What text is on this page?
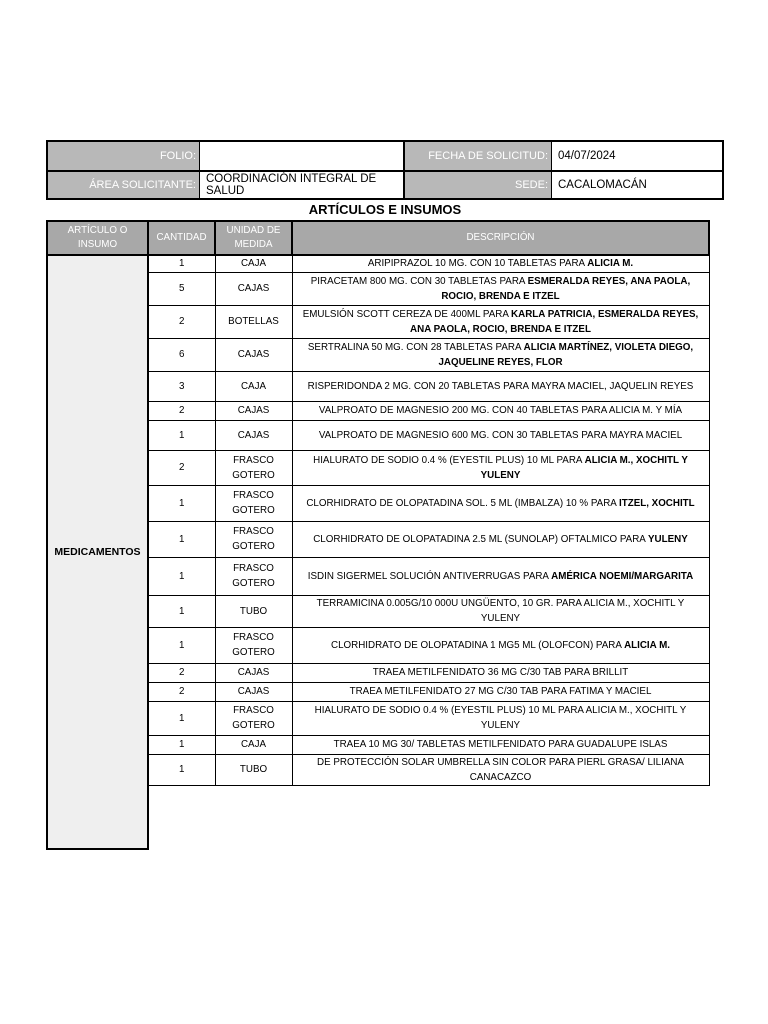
FOLIO:	FECHA DE SOLICITUD: 04/07/2024
ÁREA SOLICITANTE: COORDINACIÓN INTEGRAL DE SALUD	SEDE: CACALOMACÁN
ARTÍCULOS E INSUMOS
ARTÍCULO O INSUMO	CANTIDAD	UNIDAD DE MEDIDA	DESCRIPCIÓN
MEDICAMENTOS	1	CAJA	ARIPIPRAZOL 10 MG. CON 10 TABLETAS PARA ALICIA M.
	5	CAJAS	PIRACETAM 800 MG. CON 30 TABLETAS PARA ESMERALDA REYES, ANA PAOLA, ROCIO, BRENDA E ITZEL
	2	BOTELLAS	EMULSIÓN SCOTT CEREZA DE 400ML PARA KARLA PATRICIA, ESMERALDA REYES, ANA PAOLA, ROCIO, BRENDA E ITZEL
	6	CAJAS	SERTRALINA 50 MG. CON 28 TABLETAS PARA ALICIA MARTÍNEZ, VIOLETA DIEGO, JAQUELINE REYES, FLOR
	3	CAJA	RISPERIDONDA 2 MG. CON 20 TABLETAS PARA MAYRA MACIEL, JAQUELIN REYES
	2	CAJAS	VALPROATO DE MAGNESIO 200 MG. CON 40 TABLETAS PARA ALICIA M. Y MÍA
	1	CAJAS	VALPROATO DE MAGNESIO 600 MG. CON 30 TABLETAS PARA MAYRA MACIEL
	2	FRASCO GOTERO	HIALURATO DE SODIO 0.4 % (EYESTIL PLUS) 10 ML PARA ALICIA M., XOCHITL Y YULENY
	1	FRASCO GOTERO	CLORHIDRATO DE OLOPATADINA SOL. 5 ML (IMBALZA) 10 % PARA ITZEL, XOCHITL
	1	FRASCO GOTERO	CLORHIDRATO DE OLOPATADINA 2.5 ML (SUNOLAP) OFTALMICO PARA YULENY
	1	FRASCO GOTERO	ISDIN SIGERMEL SOLUCIÓN ANTIVERRUGAS PARA AMÉRICA NOEMI/MARGARITA
	1	TUBO	TERRAMICINA 0.005G/10 000U UNGÜENTO, 10 GR. PARA ALICIA M., XOCHITL Y YULENY
	1	FRASCO GOTERO	CLORHIDRATO DE OLOPATADINA 1 MG5 ML (OLOFCON) PARA ALICIA M.
	2	CAJAS	TRAEA METILFENIDATO 36 MG C/30 TAB PARA BRILLIT
	2	CAJAS	TRAEA METILFENIDATO 27 MG C/30 TAB PARA FATIMA Y MACIEL
	1	FRASCO GOTERO	HIALURATO DE SODIO 0.4 % (EYESTIL PLUS) 10 ML PARA ALICIA M., XOCHITL Y YULENY
	1	CAJA	TRAEA 10 MG 30/ TABLETAS METILFENIDATO PARA GUADALUPE ISLAS
	1	TUBO	DE PROTECCIÓN SOLAR UMBRELLA SIN COLOR PARA PIERL GRASA/ LILIANA CANACAZCO
